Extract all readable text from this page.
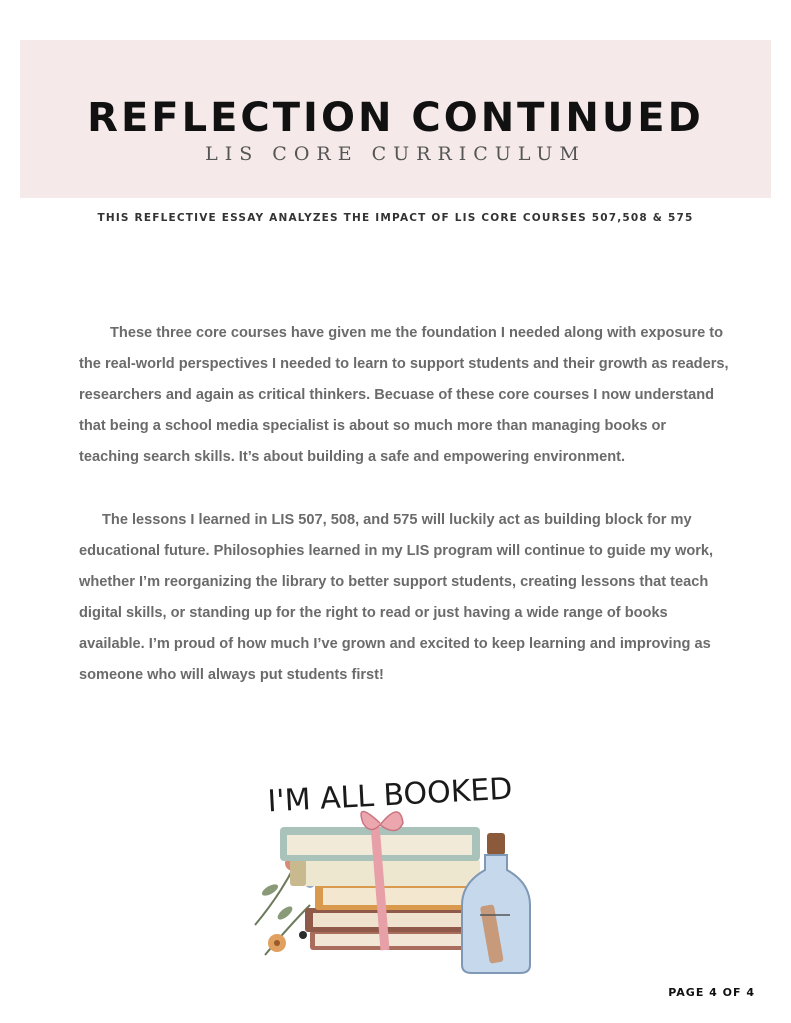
REFLECTION CONTINUED

LIS CORE CURRICULUM

THIS REFLECTIVE ESSAY ANALYZES THE IMPACT OF LIS CORE COURSES 507,508 & 575

These three core courses have given me the foundation I needed along with exposure to the real-world perspectives I needed to learn to support students and their growth as readers, researchers and again as critical thinkers. Becuase of these core courses I now understand that being a school media specialist is about so much more than managing books or teaching search skills. It’s about building a safe and empowering environment.

The lessons I learned in LIS 507, 508, and 575 will luckily act as building block for my educational future. Philosophies learned in my LIS program will continue to guide my work, whether I’m reorganizing the library to better support students, creating lessons that teach digital skills, or standing up for the right to read or just having a wide range of books available. I’m proud of how much I’ve grown and excited to keep learning and improving as someone who will always put students first!

I'M ALL BOOKED

PAGE 4 OF 4
